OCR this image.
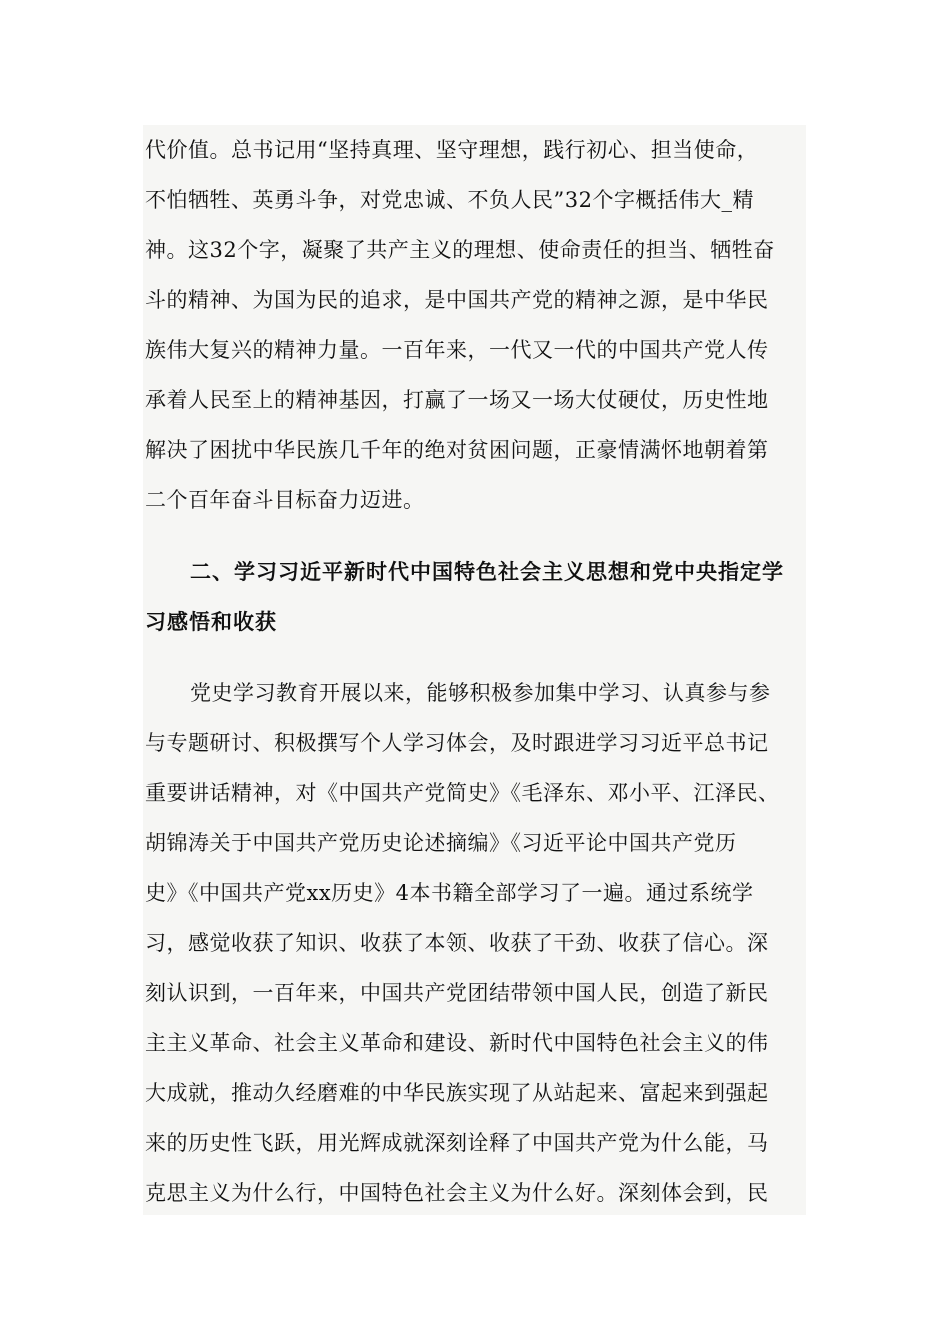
代价值。总书记用“坚持真理、坚守理想，践行初心、担当使命，
不怕牺牲、英勇斗争，对党忠诚、不负人民”32个字概括伟大_精
神。这32个字，凝聚了共产主义的理想、使命责任的担当、牺牲奋
斗的精神、为国为民的追求，是中国共产党的精神之源，是中华民
族伟大复兴的精神力量。一百年来，一代又一代的中国共产党人传
承着人民至上的精神基因，打赢了一场又一场大仗硬仗，历史性地
解决了困扰中华民族几千年的绝对贫困问题，正豪情满怀地朝着第
二个百年奋斗目标奋力迈进。
二、学习习近平新时代中国特色社会主义思想和党中央指定学
习感悟和收获
党史学习教育开展以来，能够积极参加集中学习、认真参与参
与专题研讨、积极撰写个人学习体会，及时跟进学习习近平总书记
重要讲话精神，对《中国共产党简史》《毛泽东、邓小平、江泽民、
胡锦涛关于中国共产党历史论述摘编》《习近平论中国共产党历
史》《中国共产党xx历史》4本书籍全部学习了一遍。通过系统学
习，感觉收获了知识、收获了本领、收获了干劲、收获了信心。深
刻认识到，一百年来，中国共产党团结带领中国人民，创造了新民
主主义革命、社会主义革命和建设、新时代中国特色社会主义的伟
大成就，推动久经磨难的中华民族实现了从站起来、富起来到强起
来的历史性飞跃，用光辉成就深刻诠释了中国共产党为什么能，马
克思主义为什么行，中国特色社会主义为什么好。深刻体会到，民
